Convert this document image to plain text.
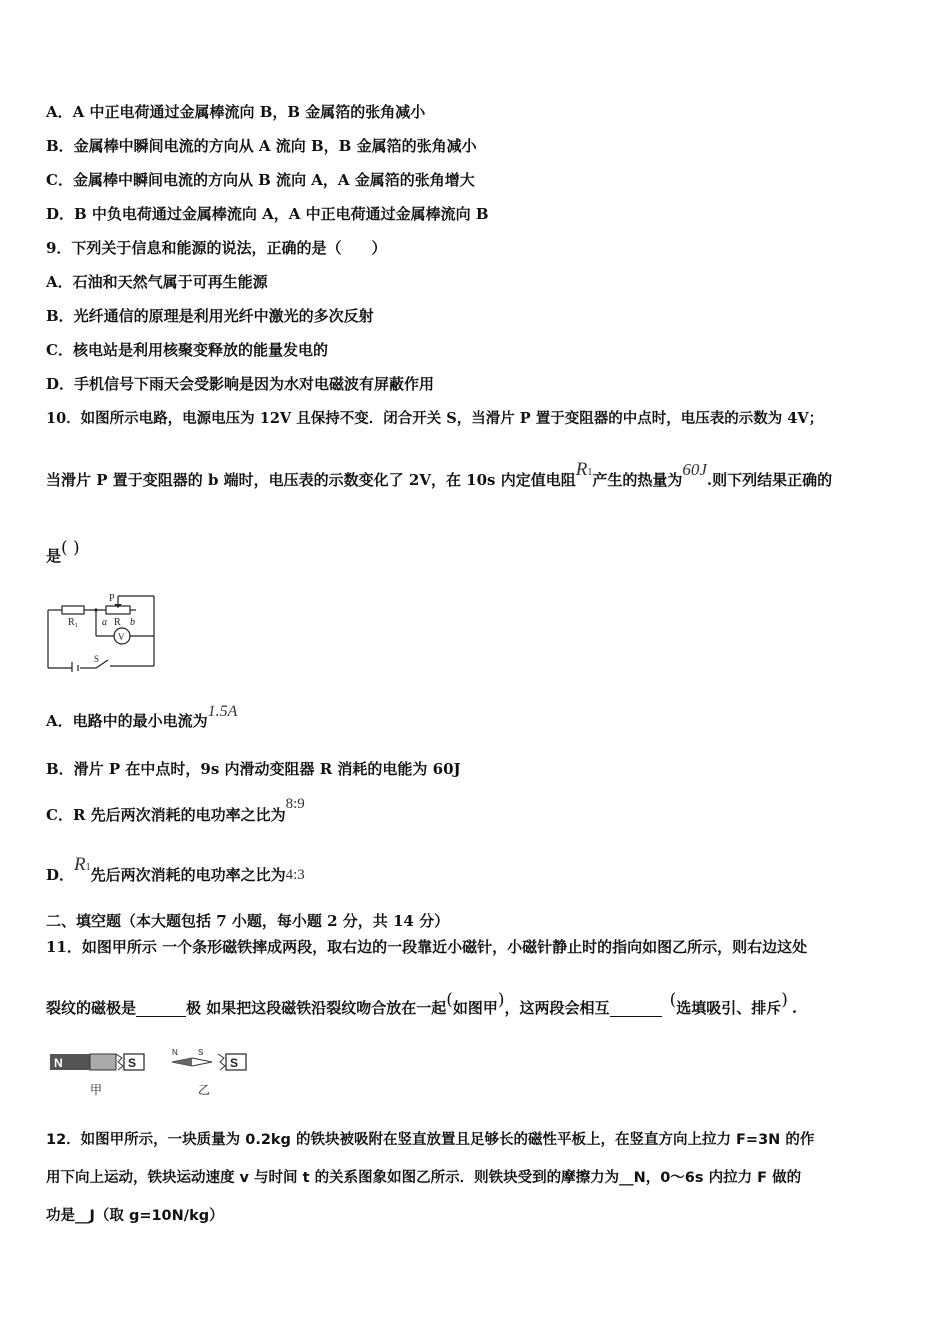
A．A 中正电荷通过金属棒流向 B，B 金属箔的张角减小
B．金属棒中瞬间电流的方向从 A 流向 B，B 金属箔的张角减小
C．金属棒中瞬间电流的方向从 B 流向 A，A 金属箔的张角增大
D．B 中负电荷通过金属棒流向 A，A 中正电荷通过金属棒流向 B
9．下列关于信息和能源的说法，正确的是（　　）
A．石油和天然气属于可再生能源
B．光纤通信的原理是利用光纤中激光的多次反射
C．核电站是利用核聚变释放的能量发电的
D．手机信号下雨天会受影响是因为水对电磁波有屏蔽作用
10．如图所示电路，电源电压为 12V 且保持不变．闭合开关 S，当滑片 P 置于变阻器的中点时，电压表的示数为 4V；
当滑片 P 置于变阻器的 b 端时，电压表的示数变化了 2V，在 10s 内定值电阻R1产生的热量为60J.则下列结果正确的
是( )
R₁
P
a R b
V
S
A．电路中的最小电流为1.5A
B．滑片 P 在中点时，9s 内滑动变阻器 R 消耗的电能为 60J
C．R 先后两次消耗的电功率之比为8:9
D．R1先后两次消耗的电功率之比为4:3
二、填空题（本大题包括 7 小题，每小题 2 分，共 14 分）
11．如图甲所示 一个条形磁铁摔成两段，取右边的一段靠近小磁针，小磁针静止时的指向如图乙所示，则右边这处
裂纹的磁极是	极 如果把这段磁铁沿裂纹吻合放在一起(如图甲)，这两段会相互	(选填吸引、排斥) .
N	S
甲
N	S
S
乙
12．如图甲所示，一块质量为 0.2kg 的铁块被吸附在竖直放置且足够长的磁性平板上，在竖直方向上拉力 F=3N 的作
用下向上运动，铁块运动速度 v 与时间 t 的关系图象如图乙所示．则铁块受到的摩擦力为__N，0～6s 内拉力 F 做的
功是__J（取 g=10N/kg）
